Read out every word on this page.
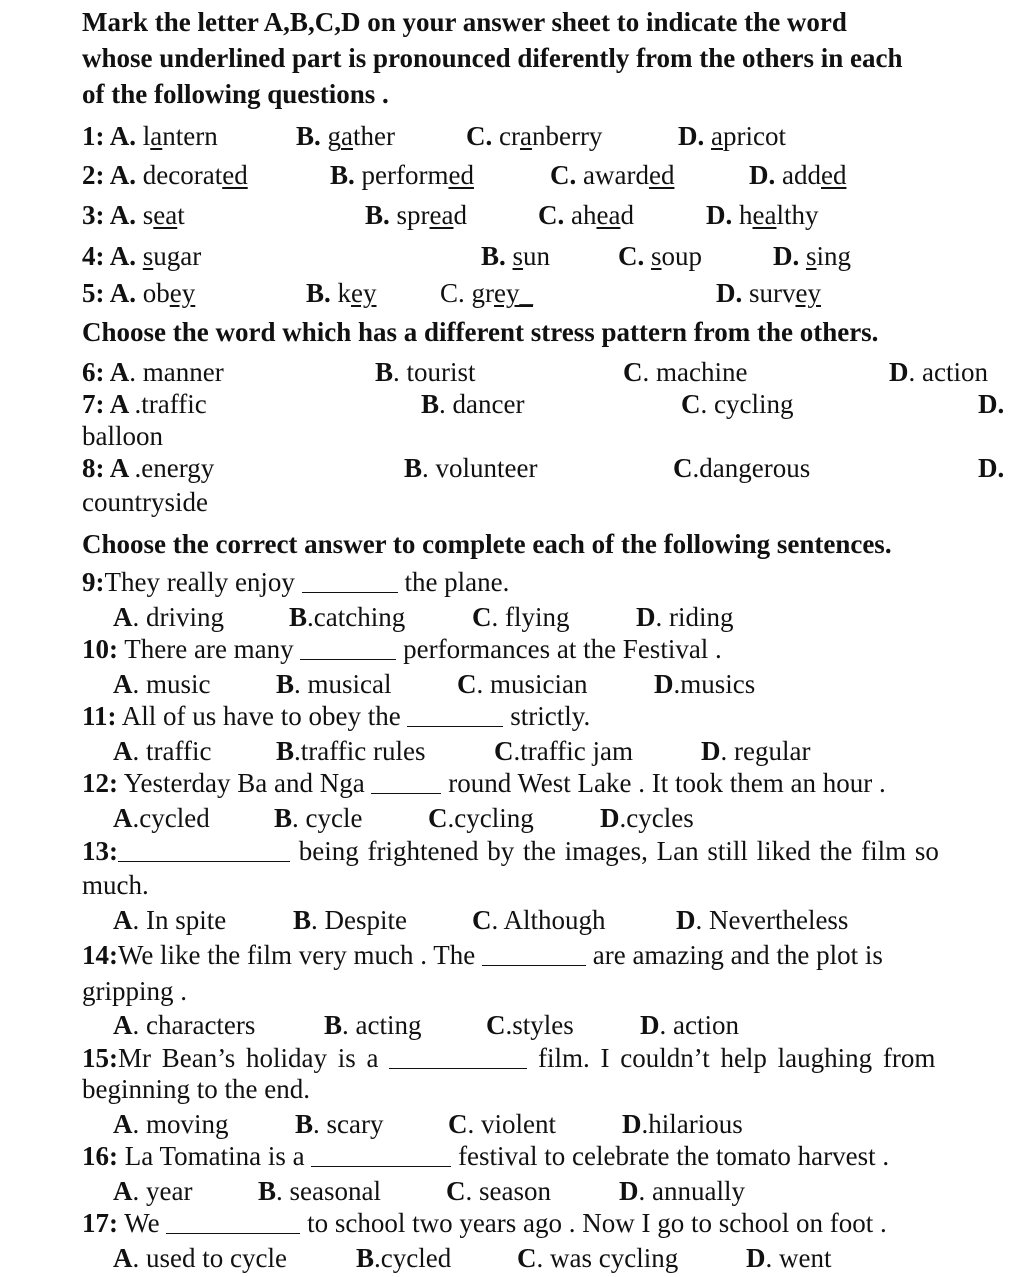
Mark the letter A,B,C,D on your answer sheet to indicate the word
whose underlined part is pronounced diferently from the others in each
of the following questions .
1: A. lantern	B. gather	C. cranberry	D. apricot
2: A. decorated	B. performed	C. awarded	D. added
3: A. seat	B. spread	C. ahead	D. healthy
4: A. sugar	B. sun	C. soup	D. sing
5: A. obey	B. key C. grey_	D. survey
Choose the word which has a different stress pattern from the others.
6: A. manner	B. tourist	C. machine	D. action
7: A .traffic	B. dancer	C. cycling	D.
balloon
8: A .energy	B. volunteer	C.dangerous	D.
countryside
Choose the correct answer to complete each of the following sentences.
9:They really enjoy	the plane.
A. driving B.catching C. flying D. riding
10: There are many	performances at the Festival .
A. music B. musical C. musician D.musics
11: All of us have to obey the	strictly.
A. traffic B.traffic rules	C.traffic jam	D. regular
12: Yesterday Ba and Nga	round West Lake . It took them an hour .
A.cycled B. cycle C.cycling D.cycles
13:	being frightened by the images, Lan still liked the film so
much.
A. In spite B. Despite C. Although	D. Nevertheless
14:We like the film very much . The	are amazing and the plot is
gripping .
A. characters	B. acting C.styles D. action
15:Mr Bean’s holiday is a	film. I couldn’t help laughing from
beginning to the end.
A. moving B. scary C. violent D.hilarious
16: La Tomatina is a	festival to celebrate the tomato harvest .
A. year B. seasonal C. season	D. annually
17: We	to school two years ago . Now I go to school on foot .
A. used to cycle	B.cycled C. was cycling	D. went
